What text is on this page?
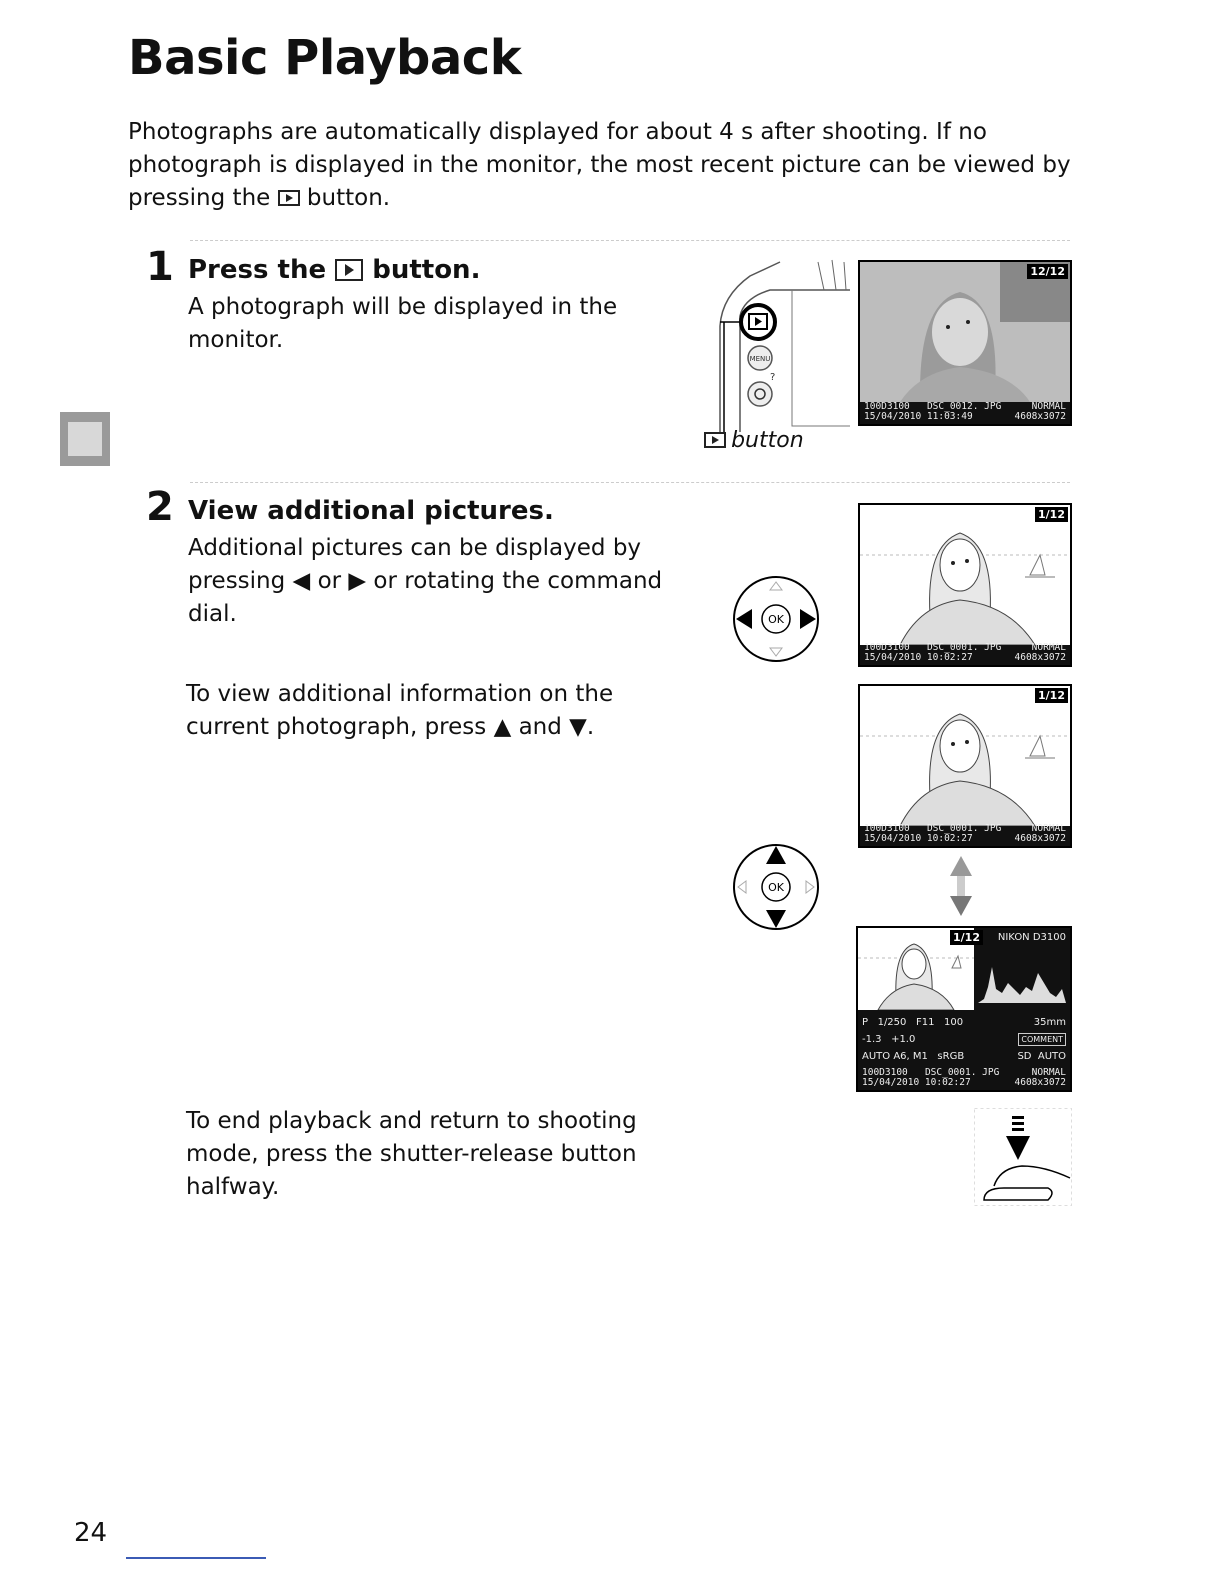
Basic Playback
Photographs are automatically displayed for about 4 s after shooting. If no photograph is displayed in the monitor, the most recent picture can be viewed by pressing the button.
1 Press the button.
A photograph will be displayed in the monitor.
MENU
?
button
12/12
100D3100 DSC_0012. JPG	NORMAL
15/04/2010 11:03:49	4608x3072
2 View additional pictures.
Additional pictures can be displayed by pressing ◀ or ▶ or rotating the command dial.
To view additional information on the current photograph, press ▲ and ▼.
To end playback and return to shooting mode, press the shutter-release button halfway.
OK
1/12
100D3100 DSC_0001. JPG	NORMAL
15/04/2010 10:02:27	4608x3072
1/12
100D3100 DSC_0001. JPG	NORMAL
15/04/2010 10:02:27	4608x3072
OK
1/12	NIKON D3100
P 1/250 F11 100	35mm
-1.3 +1.0	COMMENT
AUTO A6, M1 sRGB	SD AUTO
100D3100 DSC_0001. JPG	NORMAL
15/04/2010 10:02:27	4608x3072
24
